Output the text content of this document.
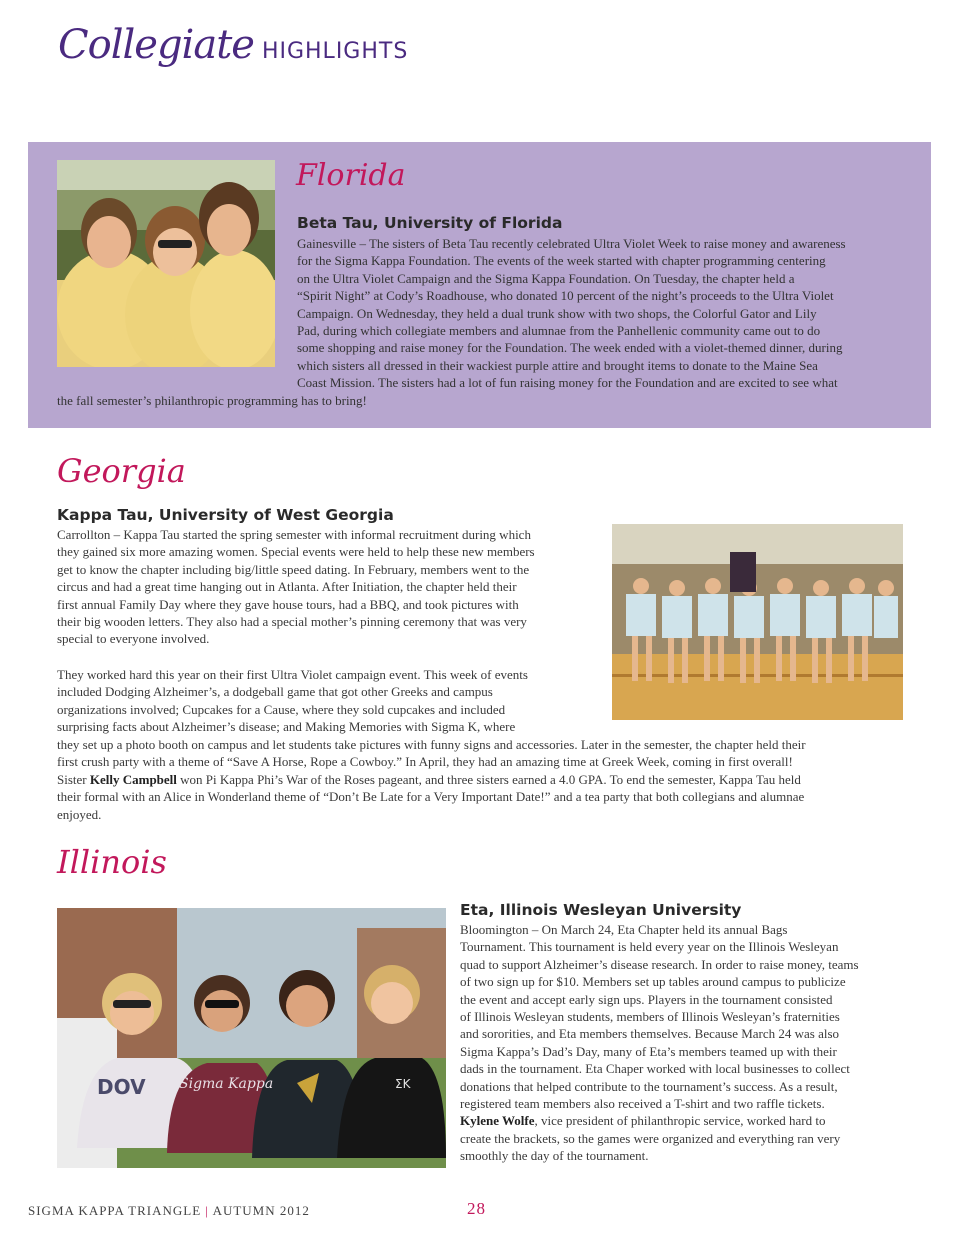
Collegiate HIGHLIGHTS
Florida
Beta Tau, University of Florida
Gainesville – The sisters of Beta Tau recently celebrated Ultra Violet Week to raise money and awareness
for the Sigma Kappa Foundation. The events of the week started with chapter programming centering
on the Ultra Violet Campaign and the Sigma Kappa Foundation. On Tuesday, the chapter held a
“Spirit Night” at Cody’s Roadhouse, who donated 10 percent of the night’s proceeds to the Ultra Violet
Campaign. On Wednesday, they held a dual trunk show with two shops, the Colorful Gator and Lily
Pad, during which collegiate members and alumnae from the Panhellenic community came out to do
some shopping and raise money for the Foundation. The week ended with a violet-themed dinner, during
which sisters all dressed in their wackiest purple attire and brought items to donate to the Maine Sea
Coast Mission. The sisters had a lot of fun raising money for the Foundation and are excited to see what
the fall semester’s philanthropic programming has to bring!
Georgia
Kappa Tau, University of West Georgia
Carrollton – Kappa Tau started the spring semester with informal recruitment during which
they gained six more amazing women. Special events were held to help these new members
get to know the chapter including big/little speed dating. In February, members went to the
circus and had a great time hanging out in Atlanta. After Initiation, the chapter held their
first annual Family Day where they gave house tours, had a BBQ, and took pictures with
their big wooden letters. They also had a special mother’s pinning ceremony that was very
special to everyone involved.
They worked hard this year on their first Ultra Violet campaign event. This week of events
included Dodging Alzheimer’s, a dodgeball game that got other Greeks and campus
organizations involved; Cupcakes for a Cause, where they sold cupcakes and included
surprising facts about Alzheimer’s disease; and Making Memories with Sigma K, where
they set up a photo booth on campus and let students take pictures with funny signs and accessories. Later in the semester, the chapter held their
first crush party with a theme of “Save A Horse, Rope a Cowboy.” In April, they had an amazing time at Greek Week, coming in first overall!
Sister Kelly Campbell won Pi Kappa Phi’s War of the Roses pageant, and three sisters earned a 4.0 GPA. To end the semester, Kappa Tau held
their formal with an Alice in Wonderland theme of “Don’t Be Late for a Very Important Date!” and a tea party that both collegians and alumnae
enjoyed.
Illinois
DOV Sigma Kappa	ΣK
Eta, Illinois Wesleyan University
Bloomington – On March 24, Eta Chapter held its annual Bags
Tournament. This tournament is held every year on the Illinois Wesleyan
quad to support Alzheimer’s disease research. In order to raise money, teams
of two sign up for $10. Members set up tables around campus to publicize
the event and accept early sign ups. Players in the tournament consisted
of Illinois Wesleyan students, members of Illinois Wesleyan’s fraternities
and sororities, and Eta members themselves. Because March 24 was also
Sigma Kappa’s Dad’s Day, many of Eta’s members teamed up with their
dads in the tournament. Eta Chaper worked with local businesses to collect
donations that helped contribute to the tournament’s success. As a result,
registered team members also received a T-shirt and two raffle tickets.
Kylene Wolfe, vice president of philanthropic service, worked hard to
create the brackets, so the games were organized and everything ran very
smoothly the day of the tournament.
SIGMA KAPPA TRIANGLE | AUTUMN 2012	28
